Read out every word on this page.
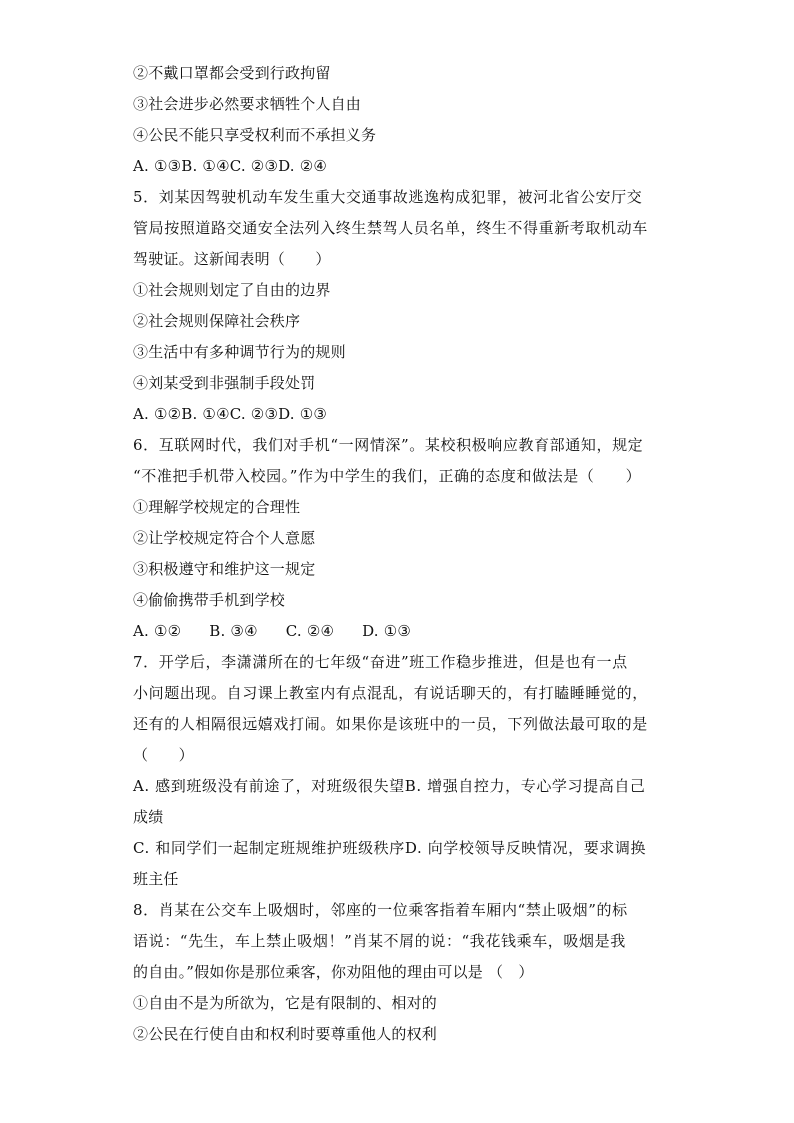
②不戴口罩都会受到行政拘留
③社会进步必然要求牺牲个人自由
④公民不能只享受权利而不承担义务
A. ①③B. ①④C. ②③D. ②④
5．刘某因驾驶机动车发生重大交通事故逃逸构成犯罪，被河北省公安厅交
管局按照道路交通安全法列入终生禁驾人员名单，终生不得重新考取机动车
驾驶证。这新闻表明（　　）
①社会规则划定了自由的边界
②社会规则保障社会秩序
③生活中有多种调节行为的规则
④刘某受到非强制手段处罚
A. ①②B. ①④C. ②③D. ①③
6．互联网时代，我们对手机“一网情深”。某校积极响应教育部通知，规定
“不准把手机带入校园。”作为中学生的我们，正确的态度和做法是（　　）
①理解学校规定的合理性
②让学校规定符合个人意愿
③积极遵守和维护这一规定
④偷偷携带手机到学校
A. ①② B. ③④ C. ②④ D. ①③
7．开学后，李潇潇所在的七年级“奋进”班工作稳步推进，但是也有一点
小问题出现。自习课上教室内有点混乱，有说话聊天的，有打瞌睡睡觉的，
还有的人相隔很远嬉戏打闹。如果你是该班中的一员，下列做法最可取的是
（　　）
A. 感到班级没有前途了，对班级很失望B. 增强自控力，专心学习提高自己
成绩
C. 和同学们一起制定班规维护班级秩序D. 向学校领导反映情况，要求调换
班主任
8．肖某在公交车上吸烟时，邻座的一位乘客指着车厢内“禁止吸烟”的标
语说：“先生，车上禁止吸烟！”肖某不屑的说：“我花钱乘车，吸烟是我
的自由。”假如你是那位乘客，你劝阻他的理由可以是 （　）
①自由不是为所欲为，它是有限制的、相对的
②公民在行使自由和权利时要尊重他人的权利
